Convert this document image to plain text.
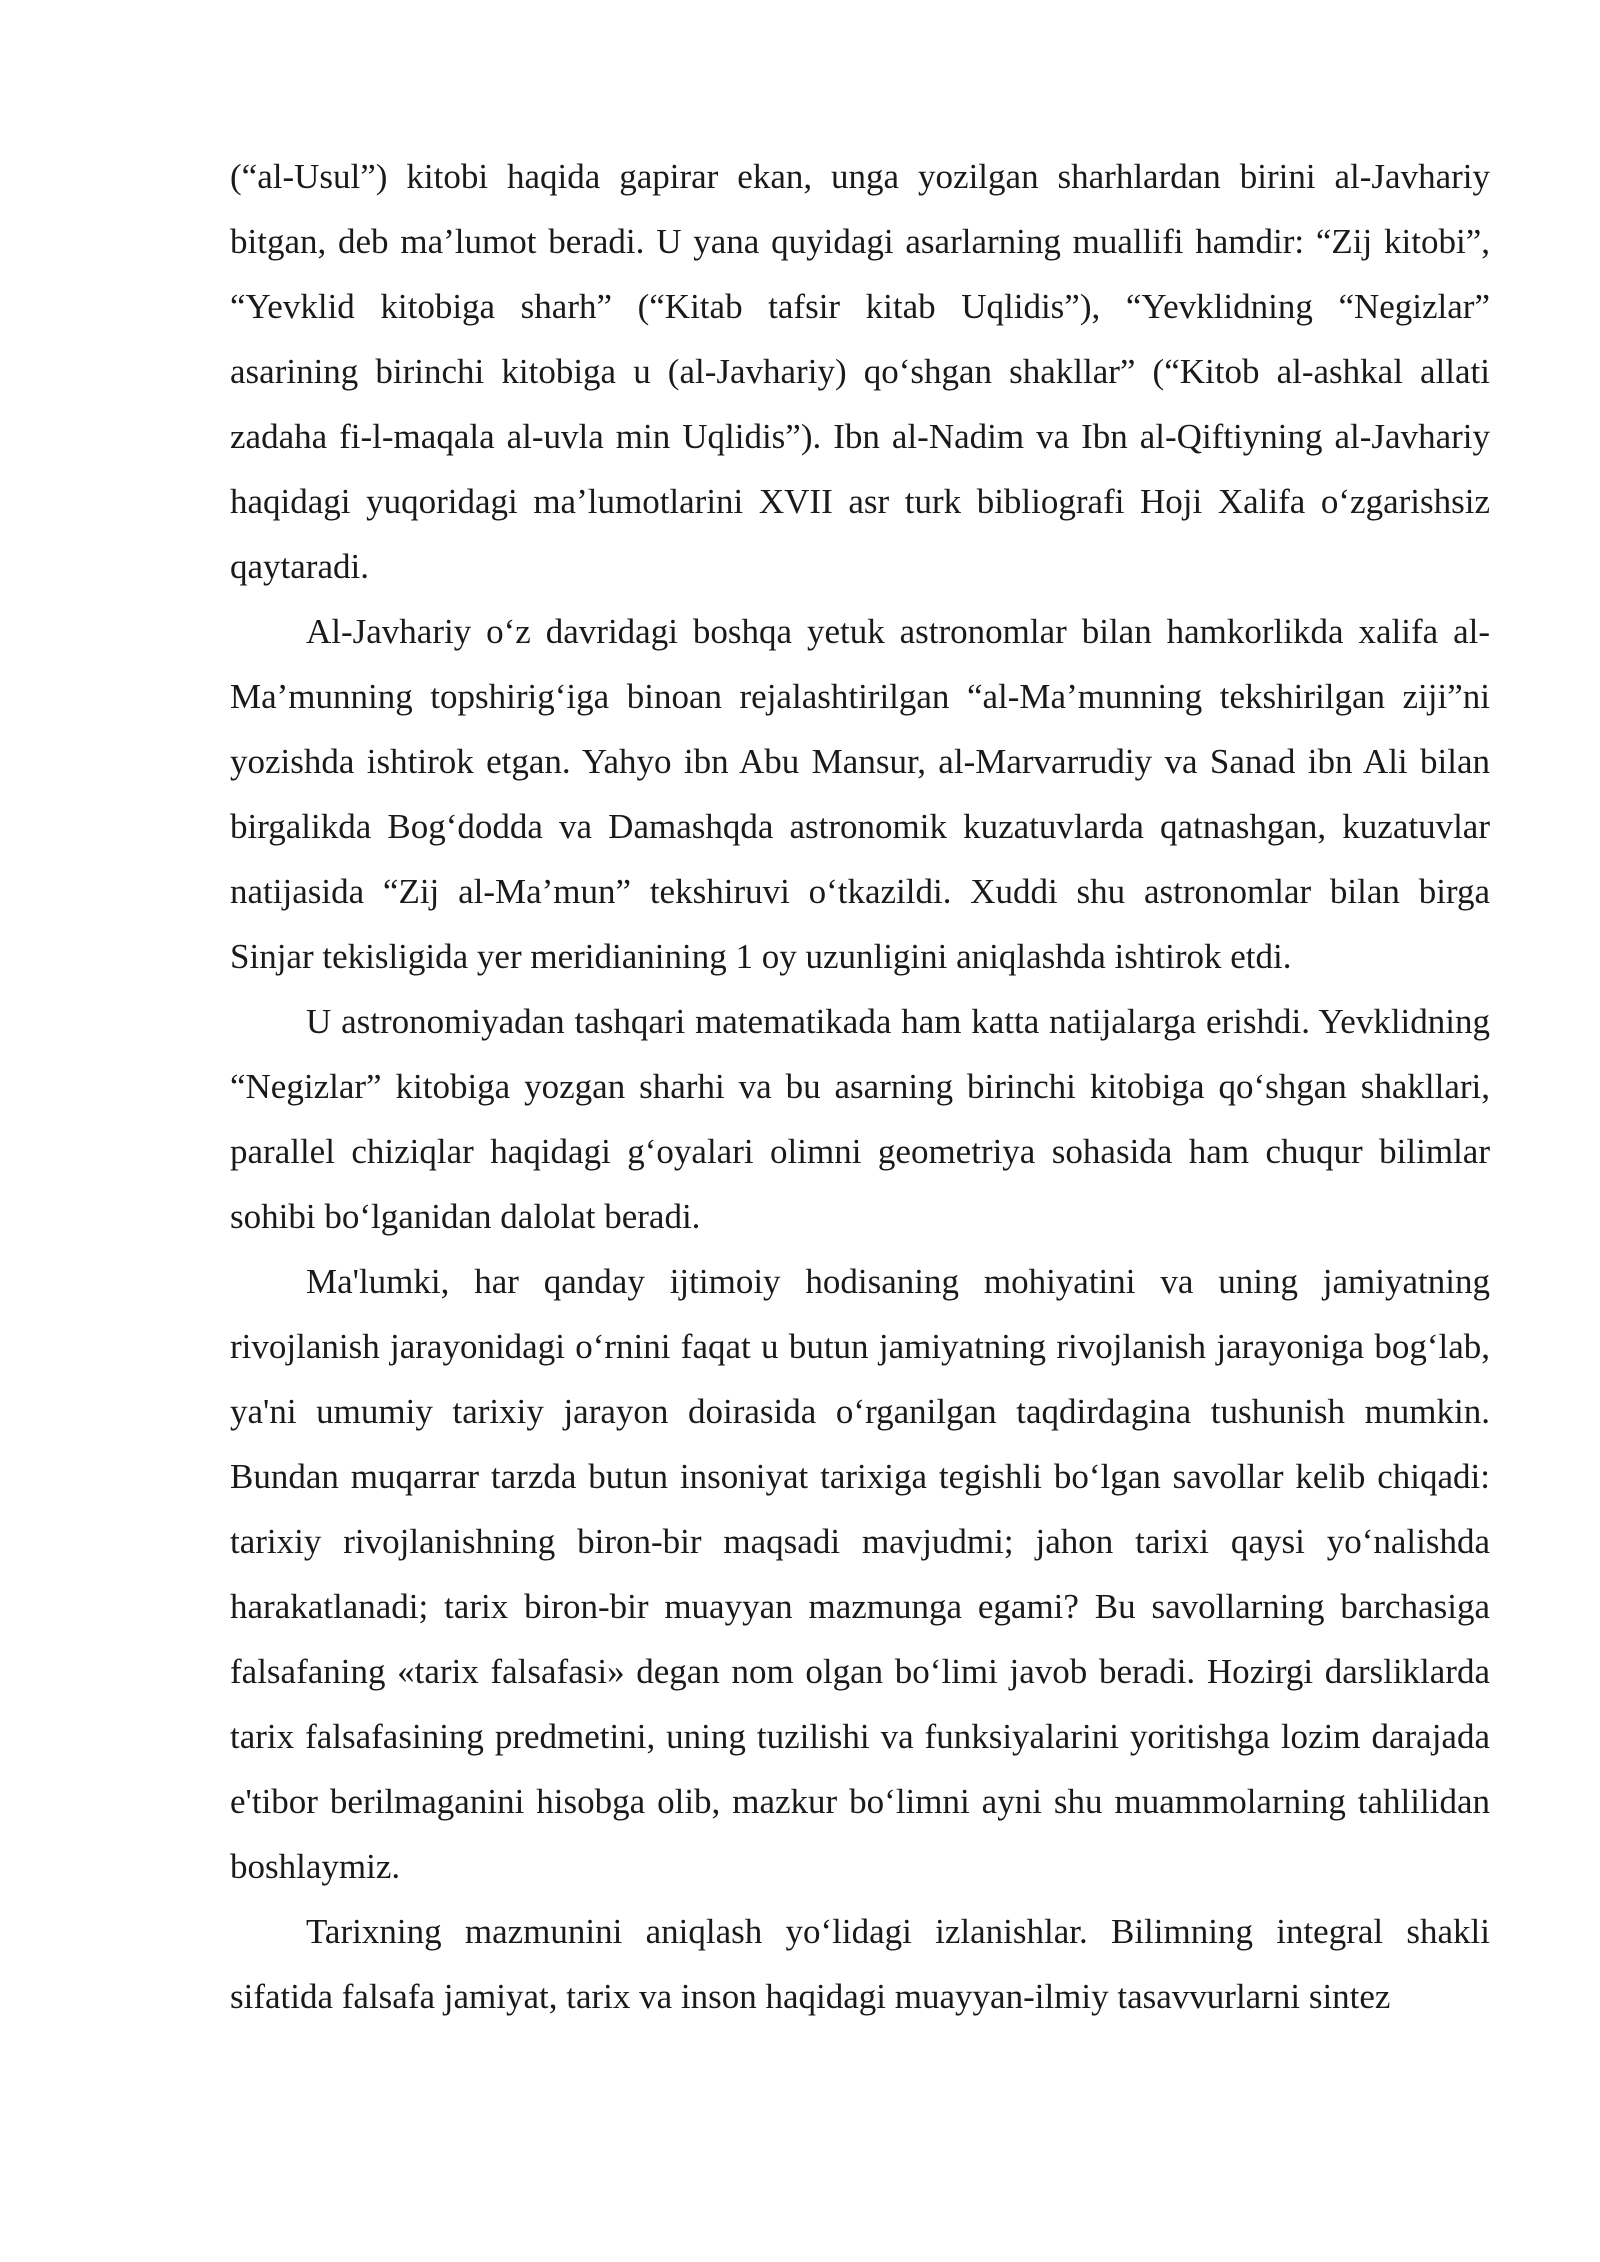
(“al-Usul”) kitobi haqida gapirar ekan, unga yozilgan sharhlardan birini al-Javhariy bitgan, deb ma’lumot beradi. U yana quyidagi asarlarning muallifi hamdir: “Zij kitobi”, “Yevklid kitobiga sharh” (“Kitab tafsir kitab Uqlidis”), “Yevklidning “Negizlar” asarining birinchi kitobiga u (al-Javhariy) qo‘shgan shakllar” (“Kitob al-ashkal allati zadaha fi-l-maqala al-uvla min Uqlidis”). Ibn al-Nadim va Ibn al-Qiftiyning al-Javhariy haqidagi yuqoridagi ma’lumotlarini XVII asr turk bibliografi Hoji Xalifa o‘zgarishsiz qaytaradi.

Al-Javhariy o‘z davridagi boshqa yetuk astronomlar bilan hamkorlikda xalifa al-Ma’munning topshirig‘iga binoan rejalashtirilgan “al-Ma’munning tekshirilgan ziji”ni yozishda ishtirok etgan. Yahyo ibn Abu Mansur, al-Marvarrudiy va Sanad ibn Ali bilan birgalikda Bog‘dodda va Damashqda astronomik kuzatuvlarda qatnashgan, kuzatuvlar natijasida “Zij al-Ma’mun” tekshiruvi o‘tkazildi. Xuddi shu astronomlar bilan birga Sinjar tekisligida yer meridianining 1 oy uzunligini aniqlashda ishtirok etdi.

U astronomiyadan tashqari matematikada ham katta natijalarga erishdi. Yevklidning “Negizlar” kitobiga yozgan sharhi va bu asarning birinchi kitobiga qo‘shgan shakllari, parallel chiziqlar haqidagi g‘oyalari olimni geometriya sohasida ham chuqur bilimlar sohibi bo‘lganidan dalolat beradi.

Ma'lumki, har qanday ijtimoiy hodisaning mohiyatini va uning jamiyatning rivojlanish jarayonidagi o‘rnini faqat u butun jamiyatning rivojlanish jarayoniga bog‘lab, ya'ni umumiy tarixiy jarayon doirasida o‘rganilgan taqdirdagina tushunish mumkin. Bundan muqarrar tarzda butun insoniyat tarixiga tegishli bo‘lgan savollar kelib chiqadi: tarixiy rivojlanishning biron-bir maqsadi mavjudmi; jahon tarixi qaysi yo‘nalishda harakatlanadi; tarix biron-bir muayyan mazmunga egami? Bu savollarning barchasiga falsafaning «tarix falsafasi» degan nom olgan bo‘limi javob beradi. Hozirgi darsliklarda tarix falsafasining predmetini, uning tuzilishi va funksiyalarini yoritishga lozim darajada e'tibor berilmaganini hisobga olib, mazkur bo‘limni ayni shu muammolarning tahlilidan boshlaymiz.

Tarixning mazmunini aniqlash yo‘lidagi izlanishlar. Bilimning integral shakli sifatida falsafa jamiyat, tarix va inson haqidagi muayyan-ilmiy tasavvurlarni sintez
